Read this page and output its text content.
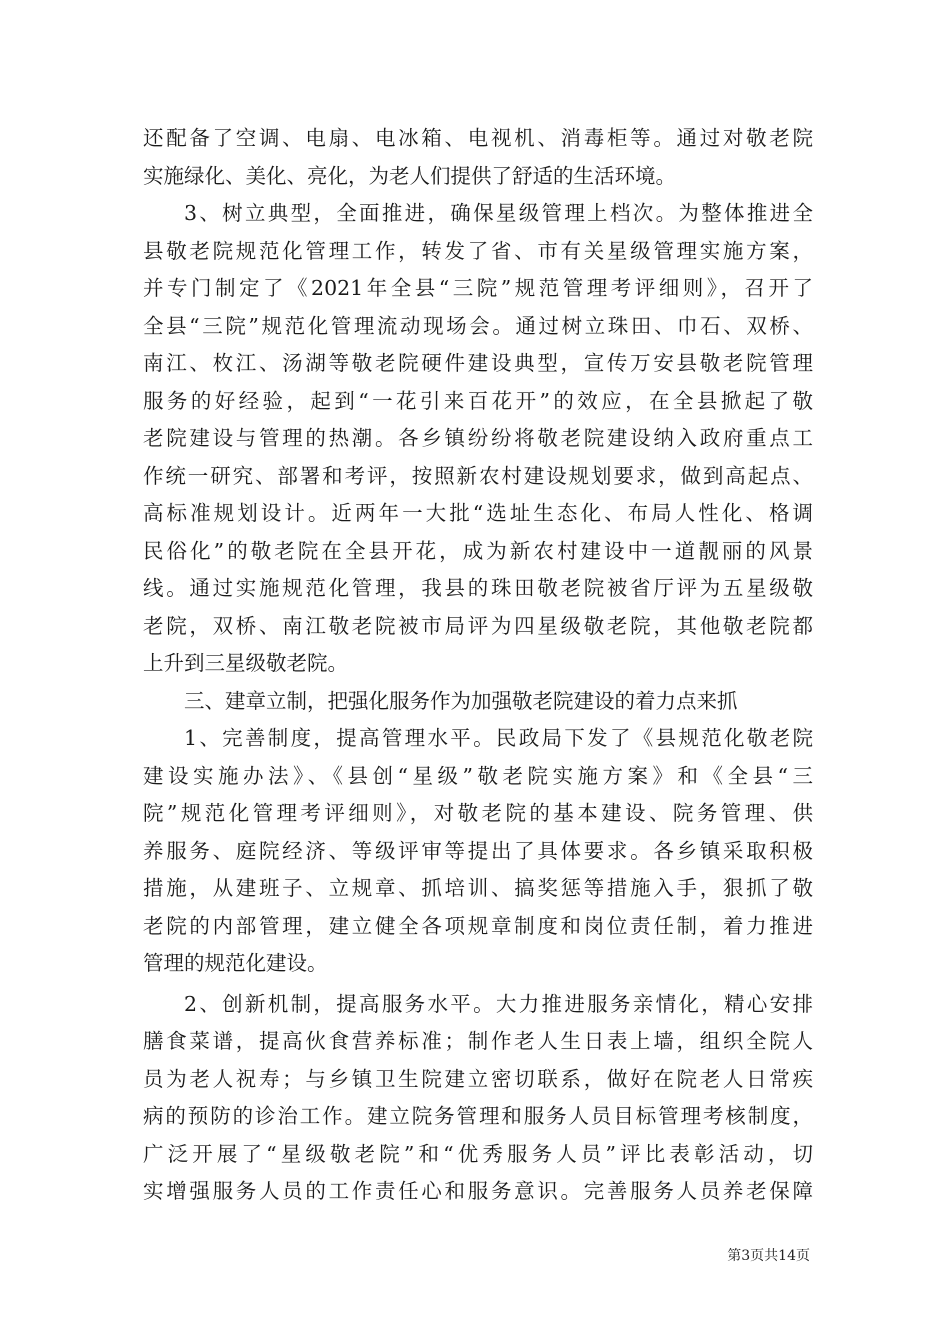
还配备了空调、电扇、电冰箱、电视机、消毒柜等。通过对敬老院
实施绿化、美化、亮化，为老人们提供了舒适的生活环境。
3、树立典型，全面推进，确保星级管理上档次。为整体推进全
县敬老院规范化管理工作，转发了省、市有关星级管理实施方案，
并专门制定了《2021年全县“三院”规范管理考评细则》，召开了
全县“三院”规范化管理流动现场会。通过树立珠田、巾石、双桥、
南江、枚江、汤湖等敬老院硬件建设典型，宣传万安县敬老院管理
服务的好经验，起到“一花引来百花开”的效应，在全县掀起了敬
老院建设与管理的热潮。各乡镇纷纷将敬老院建设纳入政府重点工
作统一研究、部署和考评，按照新农村建设规划要求，做到高起点、
高标准规划设计。近两年一大批“选址生态化、布局人性化、格调
民俗化”的敬老院在全县开花，成为新农村建设中一道靓丽的风景
线。通过实施规范化管理，我县的珠田敬老院被省厅评为五星级敬
老院，双桥、南江敬老院被市局评为四星级敬老院，其他敬老院都
上升到三星级敬老院。
三、建章立制，把强化服务作为加强敬老院建设的着力点来抓
1、完善制度，提高管理水平。民政局下发了《县规范化敬老院
建设实施办法》、《县创“星级”敬老院实施方案》和《全县“三
院”规范化管理考评细则》，对敬老院的基本建设、院务管理、供
养服务、庭院经济、等级评审等提出了具体要求。各乡镇采取积极
措施，从建班子、立规章、抓培训、搞奖惩等措施入手，狠抓了敬
老院的内部管理，建立健全各项规章制度和岗位责任制，着力推进
管理的规范化建设。
2、创新机制，提高服务水平。大力推进服务亲情化，精心安排
膳食菜谱，提高伙食营养标准；制作老人生日表上墙，组织全院人
员为老人祝寿；与乡镇卫生院建立密切联系，做好在院老人日常疾
病的预防的诊治工作。建立院务管理和服务人员目标管理考核制度，
广泛开展了“星级敬老院”和“优秀服务人员”评比表彰活动，切
实增强服务人员的工作责任心和服务意识。完善服务人员养老保障
第3页共14页
